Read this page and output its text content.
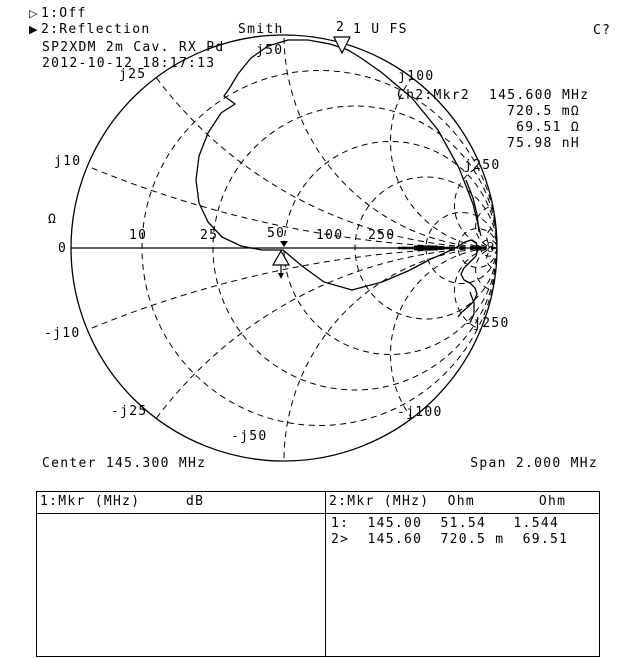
▷ 1:Off
▶ 2:Reflection	Smith	2 1 U FS	C?
SP2XDM 2m Cav. RX Pd
2012-10-12 18:17:13
Ch2:Mkr2 145.600 MHz
720.5 mΩ
69.51 Ω
75.98 nH
Ω
0
10	25	50 100 250
∞
j10
j25
j50
j100
j250
-j10
-j25
-j50
-j100
-j250
Center 145.300 MHz	Span 2.000 MHz
1:Mkr (MHz)     dB	2:Mkr (MHz)  Ohm       Ohm
1:  145.00  51.54   1.544
2>  145.60  720.5 m  69.51
